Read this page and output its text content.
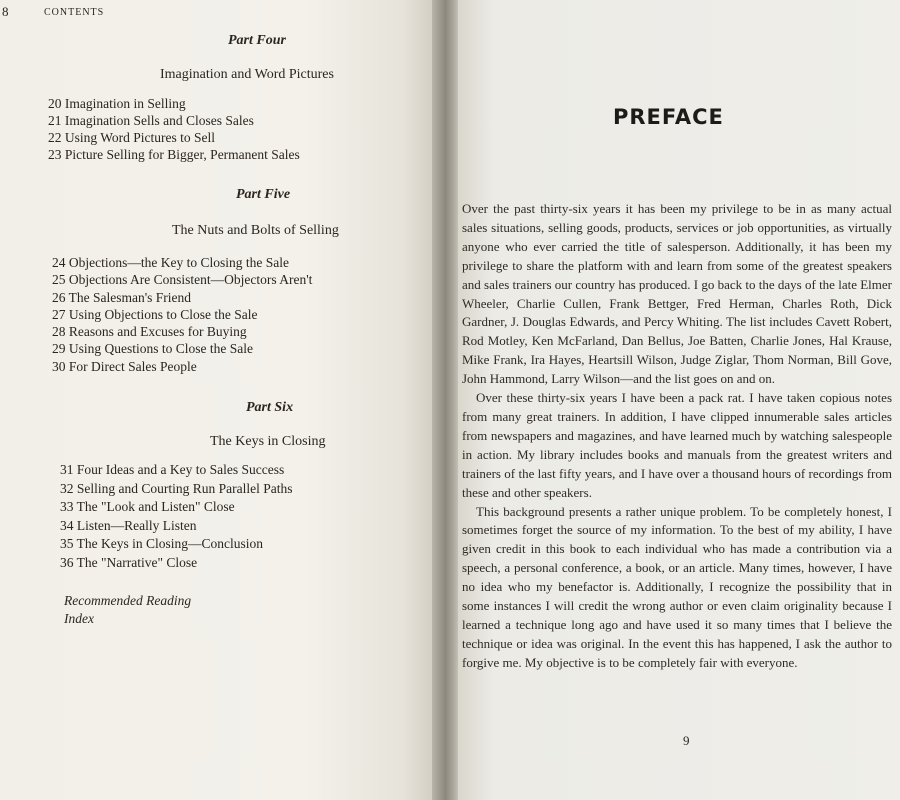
8	CONTENTS
Part Four
Imagination and Word Pictures
20 Imagination in Selling
21 Imagination Sells and Closes Sales
22 Using Word Pictures to Sell
23 Picture Selling for Bigger, Permanent Sales
Part Five
The Nuts and Bolts of Selling
24 Objections—the Key to Closing the Sale
25 Objections Are Consistent—Objectors Aren't
26 The Salesman's Friend
27 Using Objections to Close the Sale
28 Reasons and Excuses for Buying
29 Using Questions to Close the Sale
30 For Direct Sales People
Part Six
The Keys in Closing
31 Four Ideas and a Key to Sales Success
32 Selling and Courting Run Parallel Paths
33 The "Look and Listen" Close
34 Listen—Really Listen
35 The Keys in Closing—Conclusion
36 The "Narrative" Close
Recommended Reading
Index
PREFACE

Over the past thirty-six years it has been my privilege to be in as many actual sales situations, selling goods, products, services or job opportunities, as virtually anyone who ever carried the title of salesperson. Additionally, it has been my privilege to share the platform with and learn from some of the greatest speakers and sales trainers our country has produced. I go back to the days of the late Elmer Wheeler, Charlie Cullen, Frank Bettger, Fred Herman, Charles Roth, Dick Gardner, J. Douglas Edwards, and Percy Whiting. The list includes Cavett Robert, Rod Motley, Ken McFarland, Dan Bellus, Joe Batten, Charlie Jones, Hal Krause, Mike Frank, Ira Hayes, Heartsill Wilson, Judge Ziglar, Thom Norman, Bill Gove, John Hammond, Larry Wilson—and the list goes on and on.

Over these thirty-six years I have been a pack rat. I have taken copious notes from many great trainers. In addition, I have clipped innumerable sales articles from newspapers and magazines, and have learned much by watching salespeople in action. My library includes books and manuals from the greatest writers and trainers of the last fifty years, and I have over a thousand hours of recordings from these and other speakers.

This background presents a rather unique problem. To be completely honest, I sometimes forget the source of my information. To the best of my ability, I have given credit in this book to each individual who has made a contribution via a speech, a personal conference, a book, or an article. Many times, however, I have no idea who my benefactor is. Additionally, I recognize the possibility that in some instances I will credit the wrong author or even claim originality because I learned a technique long ago and have used it so many times that I believe the technique or idea was original. In the event this has happened, I ask the author to forgive me. My objective is to be completely fair with everyone.

9
